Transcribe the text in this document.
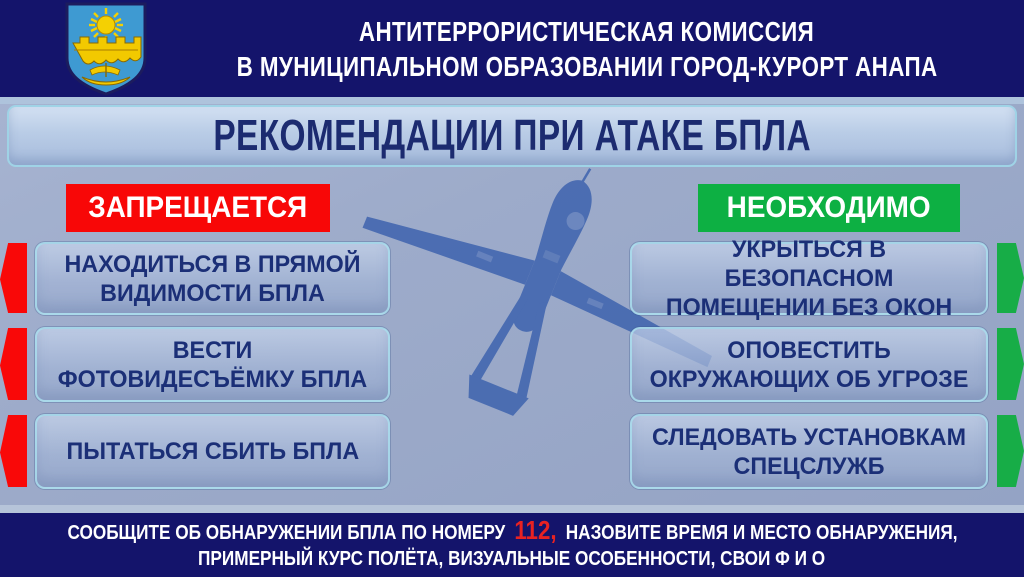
АНТИТЕРРОРИСТИЧЕСКАЯ КОМИССИЯ
В МУНИЦИПАЛЬНОМ ОБРАЗОВАНИИ ГОРОД-КУРОРТ АНАПА
РЕКОМЕНДАЦИИ ПРИ АТАКЕ БПЛА
ЗАПРЕЩАЕТСЯ	НЕОБХОДИМО
НАХОДИТЬСЯ В ПРЯМОЙ ВИДИМОСТИ БПЛА
ВЕСТИ ФОТОВИДЕСЪЁМКУ БПЛА
ПЫТАТЬСЯ СБИТЬ БПЛА
УКРЫТЬСЯ В БЕЗОПАСНОМ ПОМЕЩЕНИИ БЕЗ ОКОН
ОПОВЕСТИТЬ ОКРУЖАЮЩИХ ОБ УГРОЗЕ
СЛЕДОВАТЬ УСТАНОВКАМ СПЕЦСЛУЖБ
СООБЩИТЕ ОБ ОБНАРУЖЕНИИ БПЛА ПО НОМЕРУ 112, НАЗОВИТЕ ВРЕМЯ И МЕСТО ОБНАРУЖЕНИЯ,
ПРИМЕРНЫЙ КУРС ПОЛЁТА, ВИЗУАЛЬНЫЕ ОСОБЕННОСТИ, СВОИ Ф И О
